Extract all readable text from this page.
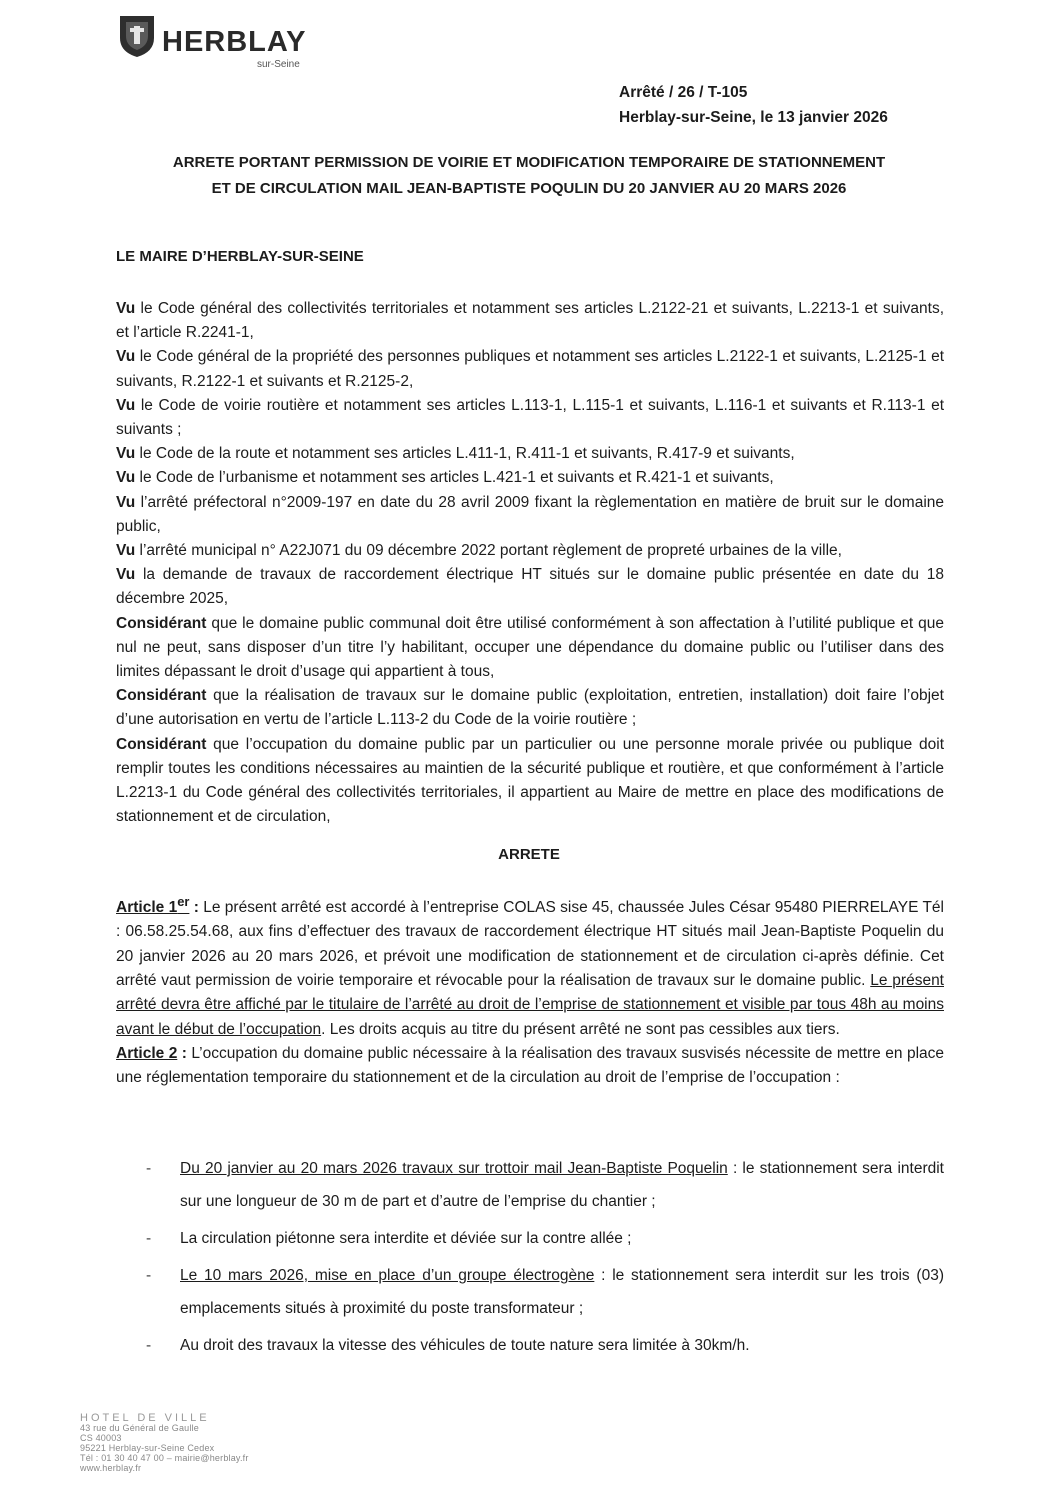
HERBLAY
sur-Seine
Arrêté / 26 / T-105
Herblay-sur-Seine, le 13 janvier 2026
ARRETE PORTANT PERMISSION DE VOIRIE ET MODIFICATION TEMPORAIRE DE STATIONNEMENT
ET DE CIRCULATION MAIL JEAN-BAPTISTE POQULIN DU 20 JANVIER AU 20 MARS 2026
LE MAIRE D’HERBLAY-SUR-SEINE

Vu le Code général des collectivités territoriales et notamment ses articles L.2122-21 et suivants, L.2213-1 et suivants, et l’article R.2241-1,

Vu le Code général de la propriété des personnes publiques et notamment ses articles L.2122-1 et suivants, L.2125-1 et suivants, R.2122-1 et suivants et R.2125-2,

Vu le Code de voirie routière et notamment ses articles L.113-1, L.115-1 et suivants, L.116-1 et suivants et R.113-1 et suivants ;

Vu le Code de la route et notamment ses articles L.411-1, R.411-1 et suivants, R.417-9 et suivants,

Vu le Code de l’urbanisme et notamment ses articles L.421-1 et suivants et R.421-1 et suivants,

Vu l’arrêté préfectoral n°2009-197 en date du 28 avril 2009 fixant la règlementation en matière de bruit sur le domaine public,

Vu l’arrêté municipal n° A22J071 du 09 décembre 2022 portant règlement de propreté urbaines de la ville,

Vu la demande de travaux de raccordement électrique HT situés sur le domaine public présentée en date du 18 décembre 2025,

Considérant que le domaine public communal doit être utilisé conformément à son affectation à l’utilité publique et que nul ne peut, sans disposer d’un titre l’y habilitant, occuper une dépendance du domaine public ou l’utiliser dans des limites dépassant le droit d’usage qui appartient à tous,

Considérant que la réalisation de travaux sur le domaine public (exploitation, entretien, installation) doit faire l’objet d’une autorisation en vertu de l’article L.113-2 du Code de la voirie routière ;

Considérant que l’occupation du domaine public par un particulier ou une personne morale privée ou publique doit remplir toutes les conditions nécessaires au maintien de la sécurité publique et routière, et que conformément à l’article L.2213-1 du Code général des collectivités territoriales, il appartient au Maire de mettre en place des modifications de stationnement et de circulation,

ARRETE

Article 1er : Le présent arrêté est accordé à l’entreprise COLAS sise 45, chaussée Jules César 95480 PIERRELAYE Tél : 06.58.25.54.68, aux fins d’effectuer des travaux de raccordement électrique HT situés mail Jean-Baptiste Poquelin du 20 janvier 2026 au 20 mars 2026, et prévoit une modification de stationnement et de circulation ci-après définie. Cet arrêté vaut permission de voirie temporaire et révocable pour la réalisation de travaux sur le domaine public. Le présent arrêté devra être affiché par le titulaire de l’arrêté au droit de l’emprise de stationnement et visible par tous 48h au moins avant le début de l’occupation. Les droits acquis au titre du présent arrêté ne sont pas cessibles aux tiers.

Article 2 : L’occupation du domaine public nécessaire à la réalisation des travaux susvisés nécessite de mettre en place une réglementation temporaire du stationnement et de la circulation au droit de l’emprise de l’occupation :

- Du 20 janvier au 20 mars 2026 travaux sur trottoir mail Jean-Baptiste Poquelin : le stationnement sera interdit sur une longueur de 30 m de part et d’autre de l’emprise du chantier ;
- La circulation piétonne sera interdite et déviée sur la contre allée ;
- Le 10 mars 2026, mise en place d’un groupe électrogène : le stationnement sera interdit sur les trois (03) emplacements situés à proximité du poste transformateur ;
- Au droit des travaux la vitesse des véhicules de toute nature sera limitée à 30km/h.
HOTEL DE VILLE
43 rue du Général de Gaulle
CS 40003
95221 Herblay-sur-Seine Cedex
Tél : 01 30 40 47 00 – mairie@herblay.fr
www.herblay.fr
